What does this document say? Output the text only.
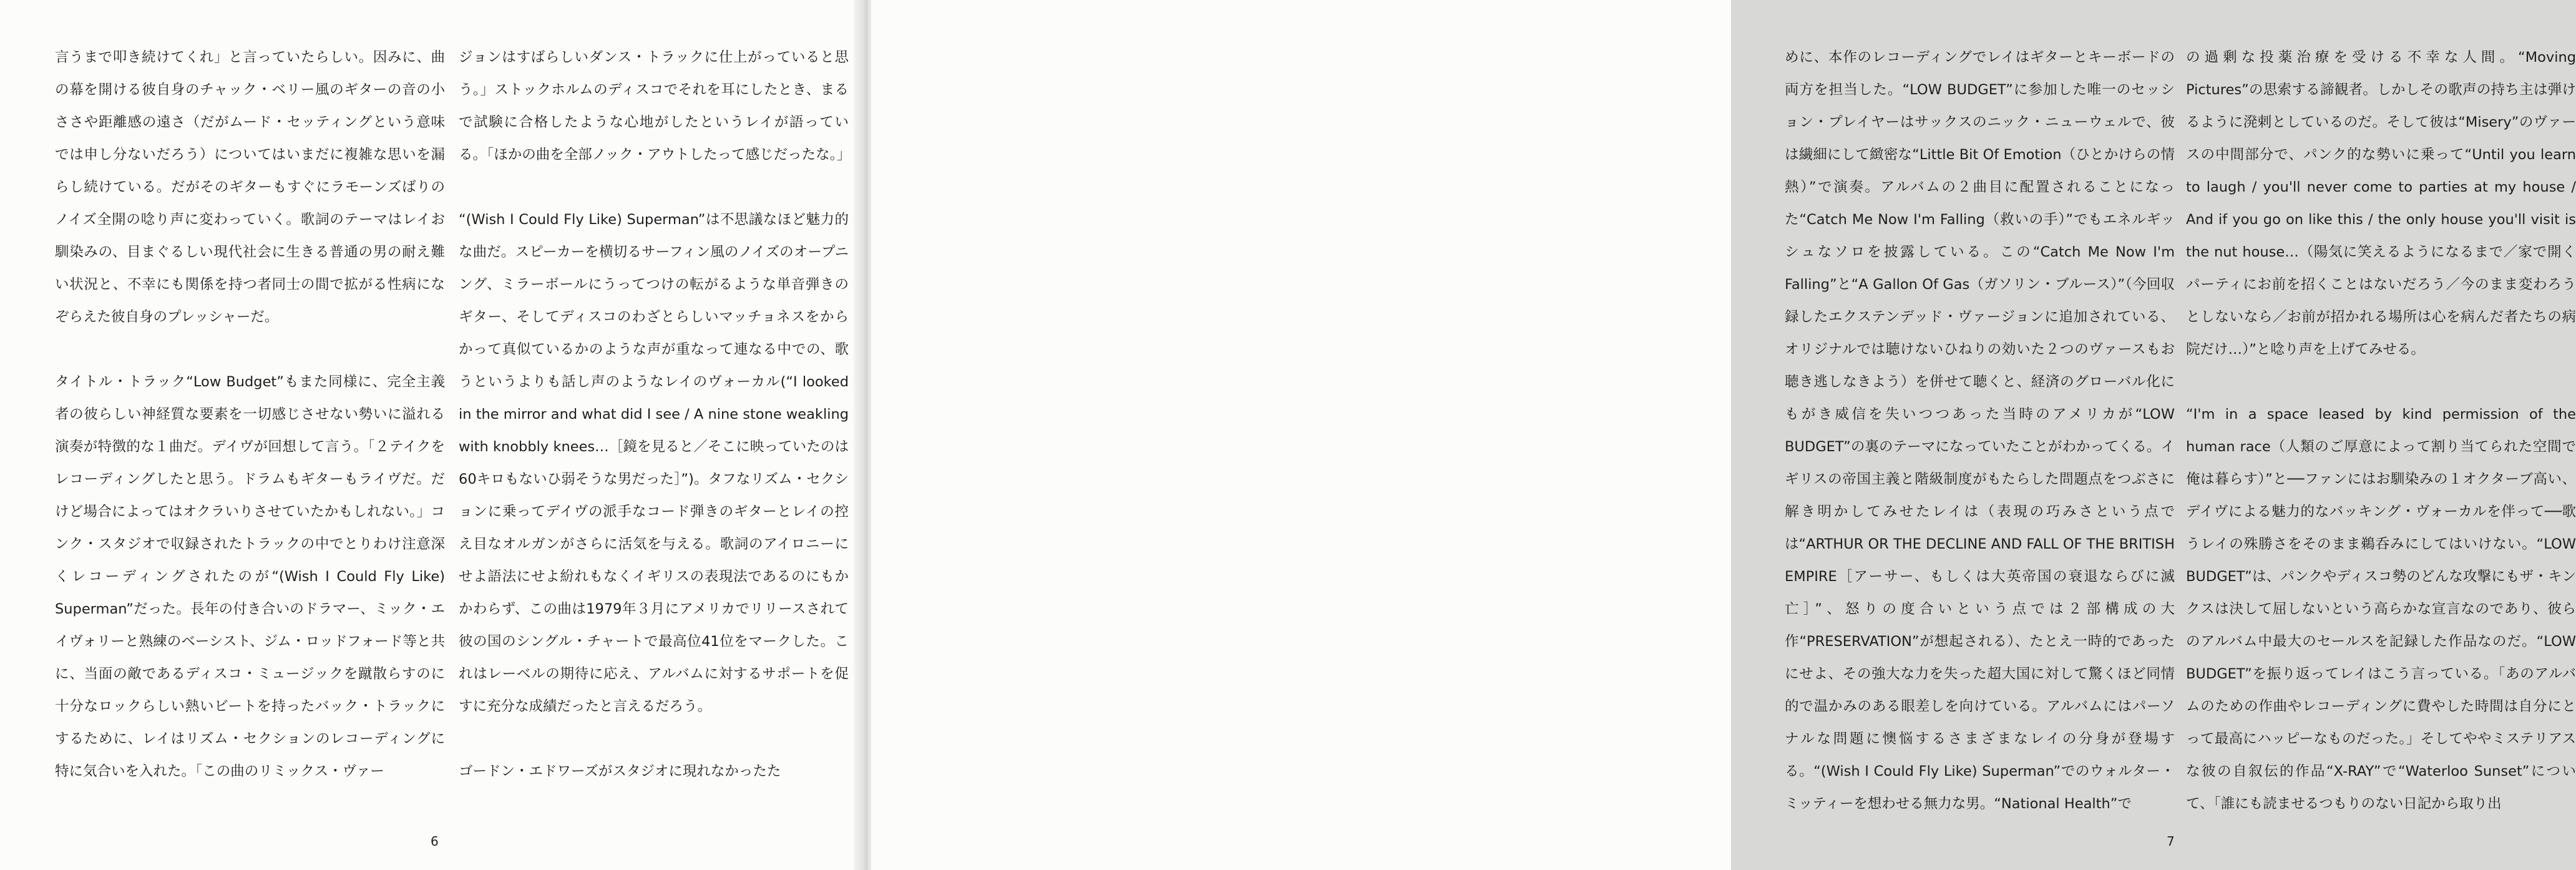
言うまで叩き続けてくれ」と言っていたらしい。因みに、曲の幕を開ける彼自身のチャック・ベリー風のギターの音の小ささや距離感の遠さ（だがムード・セッティングという意味では申し分ないだろう）についてはいまだに複雑な思いを漏らし続けている。だがそのギターもすぐにラモーンズばりのノイズ全開の唸り声に変わっていく。歌詞のテーマはレイお馴染みの、目まぐるしい現代社会に生きる普通の男の耐え難い状況と、不幸にも関係を持つ者同士の間で拡がる性病になぞらえた彼自身のプレッシャーだ。

タイトル・トラック“Low Budget”もまた同様に、完全主義者の彼らしい神経質な要素を一切感じさせない勢いに溢れる演奏が特徴的な１曲だ。デイヴが回想して言う。「２テイクをレコーディングしたと思う。ドラムもギターもライヴだ。だけど場合によってはオクラいりさせていたかもしれない。」コンク・スタジオで収録されたトラックの中でとりわけ注意深くレコーディングされたのが“(Wish I Could Fly Like) Superman”だった。長年の付き合いのドラマー、ミック・エイヴォリーと熟練のベーシスト、ジム・ロッドフォード等と共に、当面の敵であるディスコ・ミュージックを蹴散らすのに十分なロックらしい熱いビートを持ったバック・トラックにするために、レイはリズム・セクションのレコーディングに特に気合いを入れた。「この曲のリミックス・ヴァー

ジョンはすばらしいダンス・トラックに仕上がっていると思う。」ストックホルムのディスコでそれを耳にしたとき、まるで試験に合格したような心地がしたというレイが語っている。「ほかの曲を全部ノック・アウトしたって感じだったな。」

“(Wish I Could Fly Like) Superman”は不思議なほど魅力的な曲だ。スピーカーを横切るサーフィン風のノイズのオープニング、ミラーボールにうってつけの転がるような単音弾きのギター、そしてディスコのわざとらしいマッチョネスをからかって真似ているかのような声が重なって連なる中での、歌うというよりも話し声のようなレイのヴォーカル(“I looked in the mirror and what did I see / A nine stone weakling with knobbly knees…［鏡を見ると／そこに映っていたのは60キロもないひ弱そうな男だった］”)。タフなリズム・セクションに乗ってデイヴの派手なコード弾きのギターとレイの控え目なオルガンがさらに活気を与える。歌詞のアイロニーにせよ語法にせよ紛れもなくイギリスの表現法であるのにもかかわらず、この曲は1979年３月にアメリカでリリースされて彼の国のシングル・チャートで最高位41位をマークした。これはレーベルの期待に応え、アルバムに対するサポートを促すに充分な成績だったと言えるだろう。

ゴードン・エドワーズがスタジオに現れなかったた

6

めに、本作のレコーディングでレイはギターとキーボードの両方を担当した。“LOW BUDGET”に参加した唯一のセッション・プレイヤーはサックスのニック・ニューウェルで、彼は繊細にして緻密な“Little Bit Of Emotion（ひとかけらの情熱）”で演奏。アルバムの２曲目に配置されることになった“Catch Me Now I'm Falling（救いの手）”でもエネルギッシュなソロを披露している。この“Catch Me Now I'm Falling”と“A Gallon Of Gas（ガソリン・ブルース）”（今回収録したエクステンデッド・ヴァージョンに追加されている、オリジナルでは聴けないひねりの効いた２つのヴァースもお聴き逃しなきよう）を併せて聴くと、経済のグローバル化にもがき威信を失いつつあった当時のアメリカが“LOW BUDGET”の裏のテーマになっていたことがわかってくる。イギリスの帝国主義と階級制度がもたらした問題点をつぶさに解き明かしてみせたレイは（表現の巧みさという点では“ARTHUR OR THE DECLINE AND FALL OF THE BRITISH EMPIRE［アーサー、もしくは大英帝国の衰退ならびに滅亡］”、怒りの度合いという点では２部構成の大作“PRESERVATION”が想起される）、たとえ一時的であったにせよ、その強大な力を失った超大国に対して驚くほど同情的で温かみのある眼差しを向けている。アルバムにはパーソナルな問題に懊悩するさまざまなレイの分身が登場する。“(Wish I Could Fly Like) Superman”でのウォルター・ミッティーを想わせる無力な男。“National Health”で

の過剰な投薬治療を受ける不幸な人間。“Moving Pictures”の思索する諦観者。しかしその歌声の持ち主は弾けるように溌剌としているのだ。そして彼は“Misery”のヴァースの中間部分で、パンク的な勢いに乗って“Until you learn to laugh / you'll never come to parties at my house / And if you go on like this / the only house you'll visit is the nut house…（陽気に笑えるようになるまで／家で開くパーティにお前を招くことはないだろう／今のまま変わろうとしないなら／お前が招かれる場所は心を病んだ者たちの病院だけ…）”と唸り声を上げてみせる。

“I'm in a space leased by kind permission of the human race（人類のご厚意によって割り当てられた空間で俺は暮らす）”と──ファンにはお馴染みの１オクターブ高い、デイヴによる魅力的なバッキング・ヴォーカルを伴って──歌うレイの殊勝さをそのまま鵜呑みにしてはいけない。“LOW BUDGET”は、パンクやディスコ勢のどんな攻撃にもザ・キンクスは決して屈しないという高らかな宣言なのであり、彼らのアルバム中最大のセールスを記録した作品なのだ。“LOW BUDGET”を振り返ってレイはこう言っている。「あのアルバムのための作曲やレコーディングに費やした時間は自分にとって最高にハッピーなものだった。」そしてややミステリアスな彼の自叙伝的作品“X-RAY”で“Waterloo Sunset”について、「誰にも読ませるつもりのない日記から取り出

7
